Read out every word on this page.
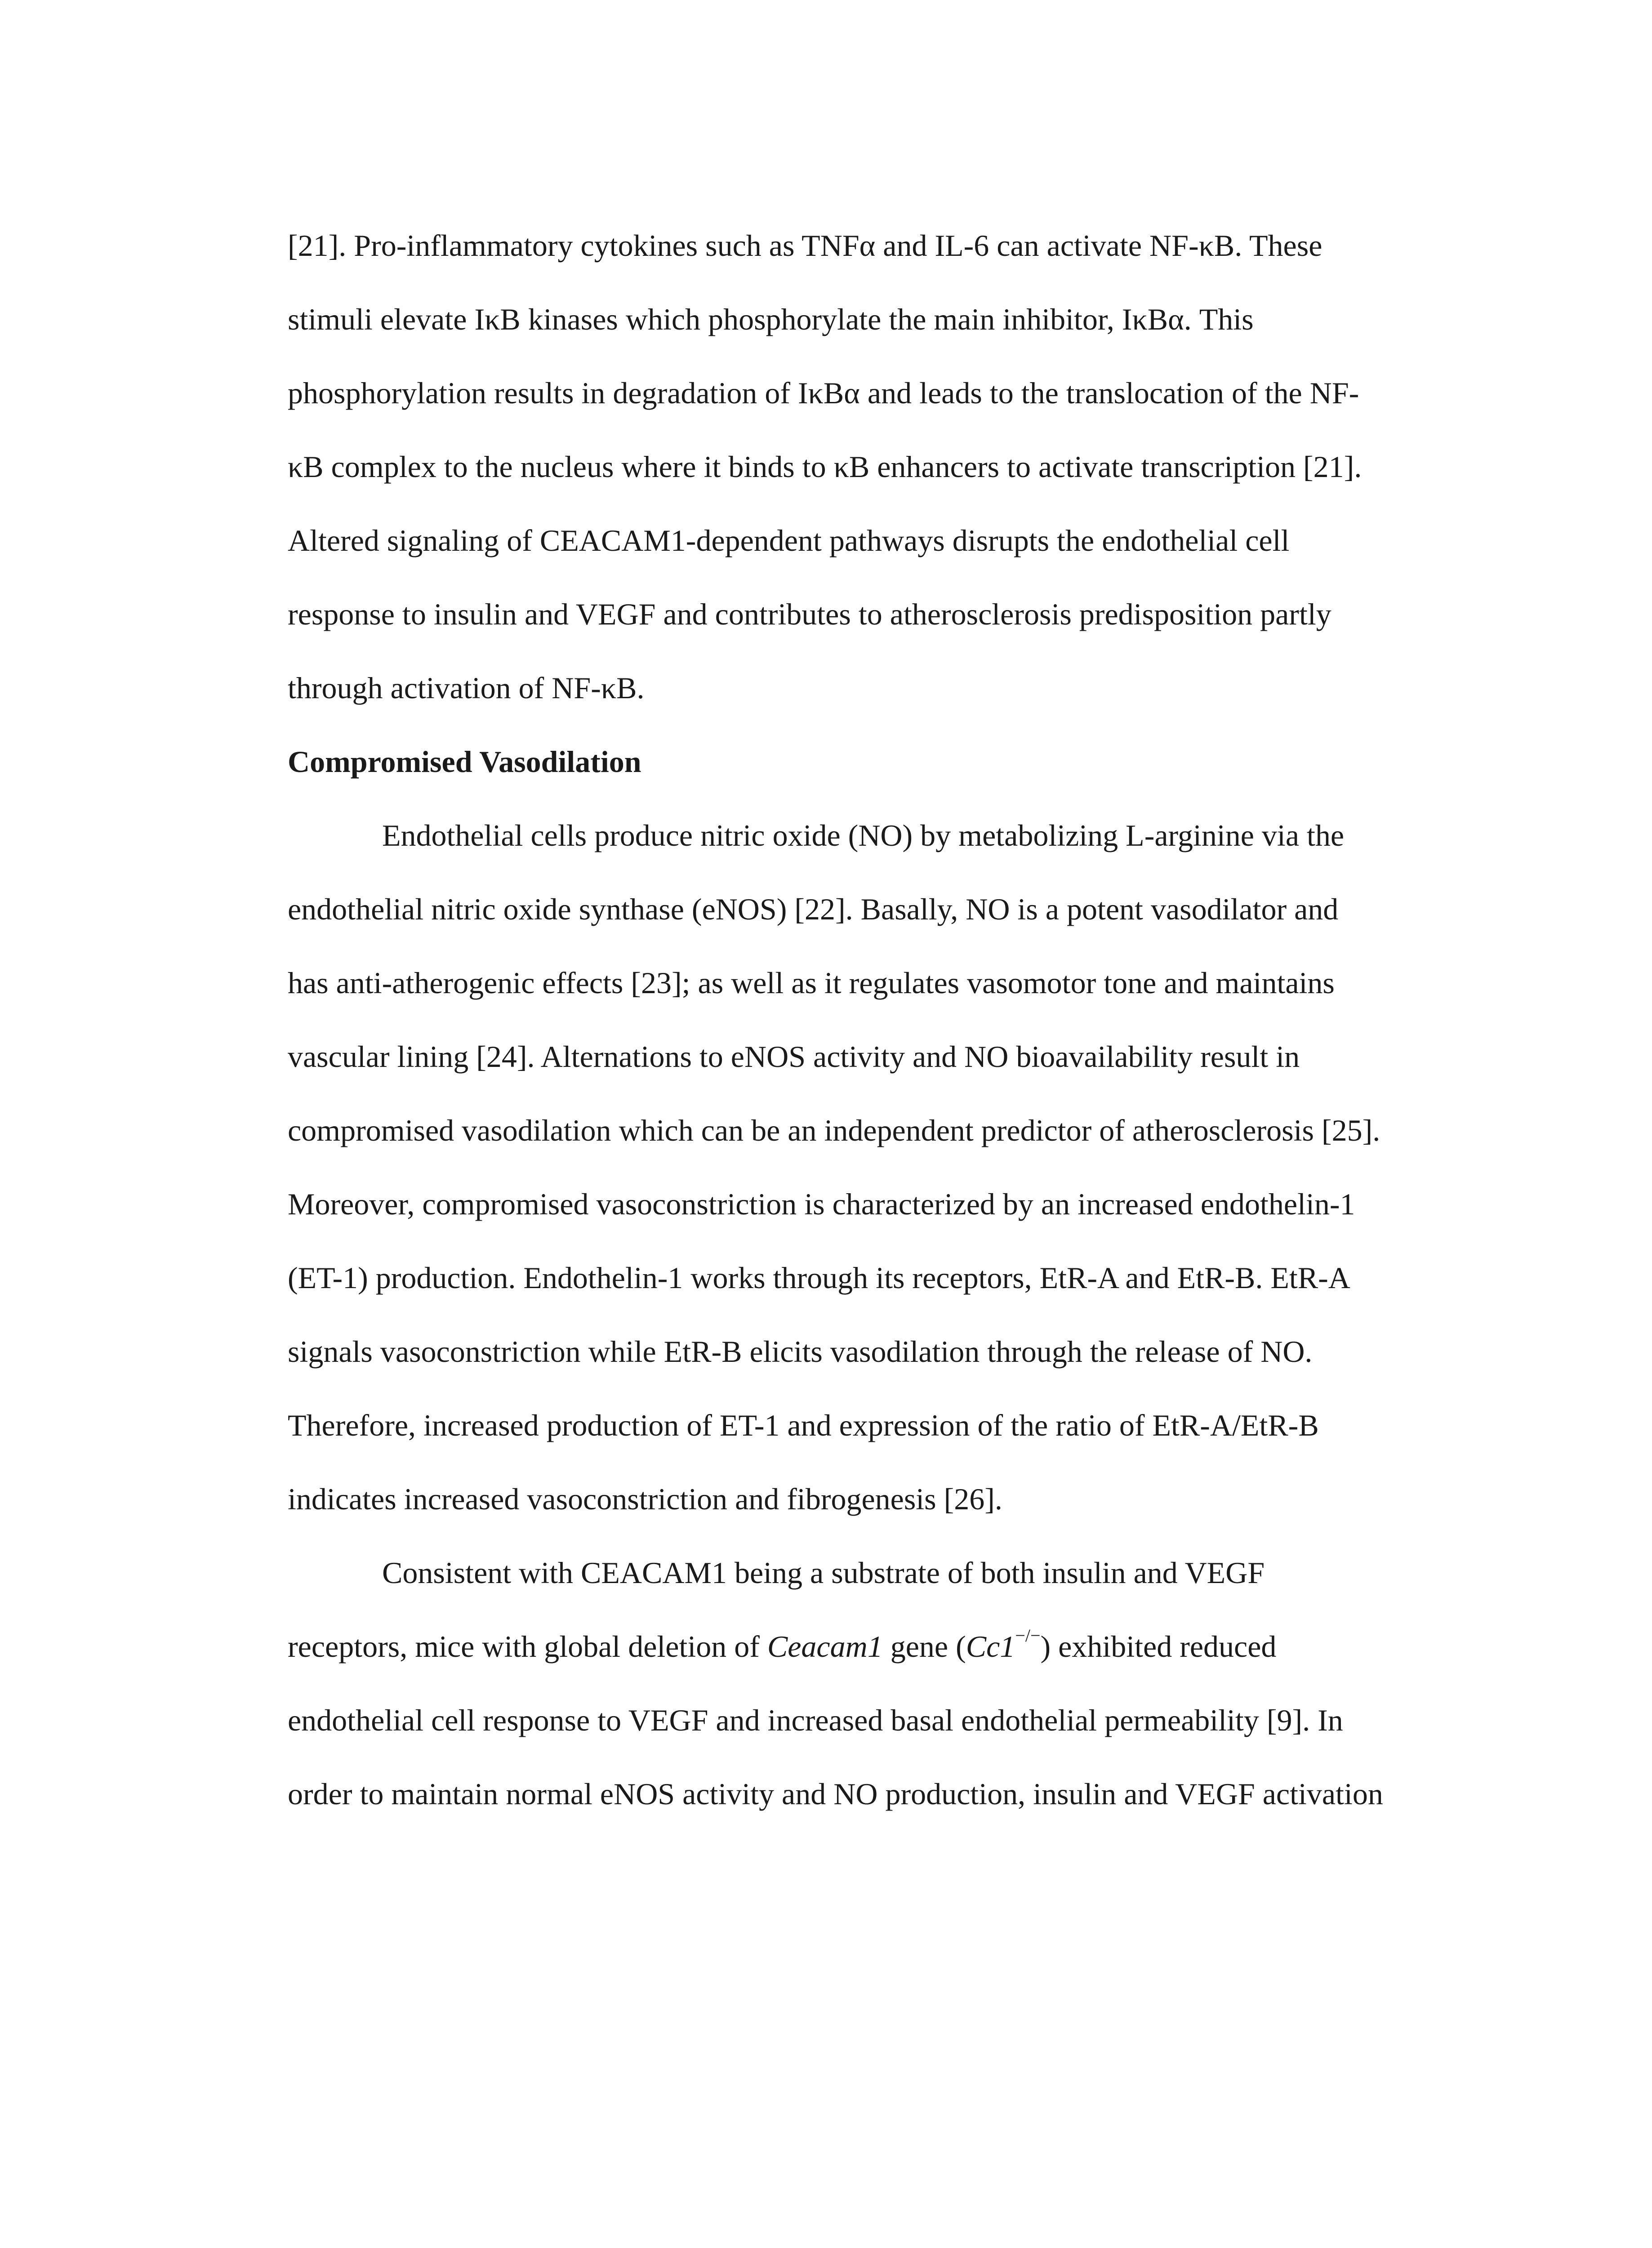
[21]. Pro-inflammatory cytokines such as TNFα and IL-6 can activate NF-κB. These
stimuli elevate IκB kinases which phosphorylate the main inhibitor, IκBα. This
phosphorylation results in degradation of IκBα and leads to the translocation of the NF-
κB complex to the nucleus where it binds to κB enhancers to activate transcription [21].
Altered signaling of CEACAM1-dependent pathways disrupts the endothelial cell
response to insulin and VEGF and contributes to atherosclerosis predisposition partly
through activation of NF-κB.
Compromised Vasodilation
Endothelial cells produce nitric oxide (NO) by metabolizing L-arginine via the
endothelial nitric oxide synthase (eNOS) [22]. Basally, NO is a potent vasodilator and
has anti-atherogenic effects [23]; as well as it regulates vasomotor tone and maintains
vascular lining [24]. Alternations to eNOS activity and NO bioavailability result in
compromised vasodilation which can be an independent predictor of atherosclerosis [25].
Moreover, compromised vasoconstriction is characterized by an increased endothelin-1
(ET-1) production. Endothelin-1 works through its receptors, EtR-A and EtR-B. EtR-A
signals vasoconstriction while EtR-B elicits vasodilation through the release of NO.
Therefore, increased production of ET-1 and expression of the ratio of EtR-A/EtR-B
indicates increased vasoconstriction and fibrogenesis [26].
Consistent with CEACAM1 being a substrate of both insulin and VEGF
receptors, mice with global deletion of Ceacam1 gene (Cc1−/−) exhibited reduced
endothelial cell response to VEGF and increased basal endothelial permeability [9]. In
order to maintain normal eNOS activity and NO production, insulin and VEGF activation
